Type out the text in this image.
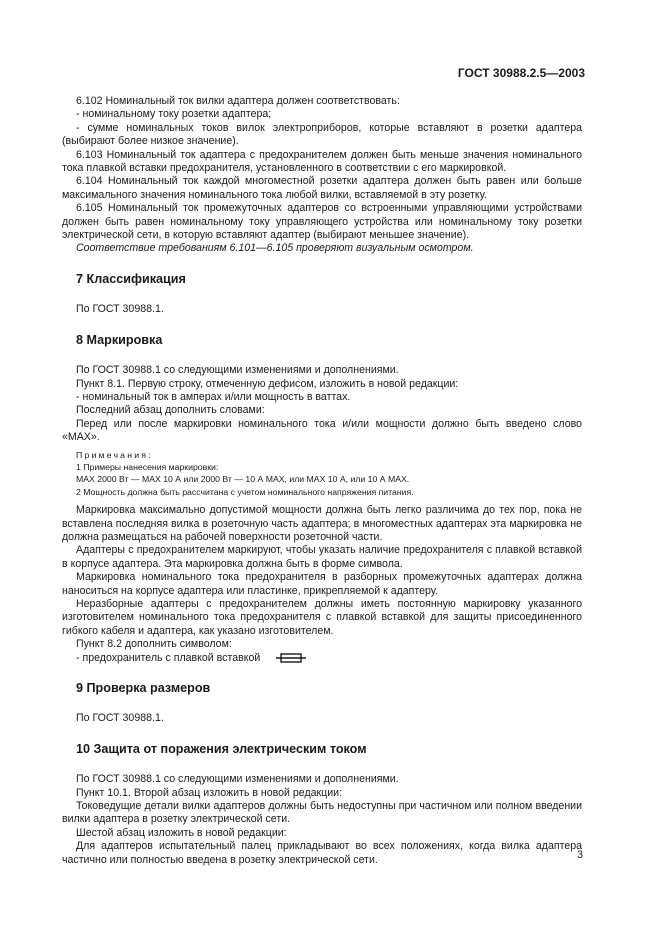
ГОСТ 30988.2.5—2003

6.102 Номинальный ток вилки адаптера должен соответствовать:

- номинальному току розетки адаптера;

- сумме номинальных токов вилок электроприборов, которые вставляют в розетки адаптера (выбирают более низкое значение).

6.103 Номинальный ток адаптера с предохранителем должен быть меньше значения номинального тока плавкой вставки предохранителя, установленного в соответствии с его маркировкой.

6.104 Номинальный ток каждой многоместной розетки адаптера должен быть равен или больше максимального значения номинального тока любой вилки, вставляемой в эту розетку.

6.105 Номинальный ток промежуточных адаптеров со встроенными управляющими устройствами должен быть равен номинальному току управляющего устройства или номинальному току розетки электрической сети, в которую вставляют адаптер (выбирают меньшее значение).

Соответствие требованиям 6.101—6.105 проверяют визуальным осмотром.

7 Классификация

По ГОСТ 30988.1.

8 Маркировка

По ГОСТ 30988.1 со следующими изменениями и дополнениями.

Пункт 8.1. Первую строку, отмеченную дефисом, изложить в новой редакции:

- номинальный ток в амперах и/или мощность в ваттах.

Последний абзац дополнить словами:

Перед или после маркировки номинального тока и/или мощности должно быть введено слово «МАХ».

Примечания:

1 Примеры нанесения маркировки:

МАХ 2000 Вт — МАХ 10 А или 2000 Вт — 10 А МАХ, или МАХ 10 А, или 10 А МАХ.

2 Мощность должна быть рассчитана с учетом номинального напряжения питания.

Маркировка максимально допустимой мощности должна быть легко различима до тех пор, пока не вставлена последняя вилка в розеточную часть адаптера; в многоместных адаптерах эта маркировка не должна размещаться на рабочей поверхности розеточной части.

Адаптеры с предохранителем маркируют, чтобы указать наличие предохранителя с плавкой вставкой в корпусе адаптера. Эта маркировка должна быть в форме символа.

Маркировка номинального тока предохранителя в разборных промежуточных адаптерах должна наноситься на корпусе адаптера или пластинке, прикрепляемой к адаптеру.

Неразборные адаптеры с предохранителем должны иметь постоянную маркировку указанного изготовителем номинального тока предохранителя с плавкой вставкой для защиты присоединенного гибкого кабеля и адаптера, как указано изготовителем.

Пункт 8.2 дополнить символом:

- предохранитель с плавкой вставкой
9 Проверка размеров

По ГОСТ 30988.1.

10 Защита от поражения электрическим током

По ГОСТ 30988.1 со следующими изменениями и дополнениями.

Пункт 10.1. Второй абзац изложить в новой редакции:

Токоведущие детали вилки адаптеров должны быть недоступны при частичном или полном введении вилки адаптера в розетку электрической сети.

Шестой абзац изложить в новой редакции:

Для адаптеров испытательный палец прикладывают во всех положениях, когда вилка адаптера частично или полностью введена в розетку электрической сети.	3
